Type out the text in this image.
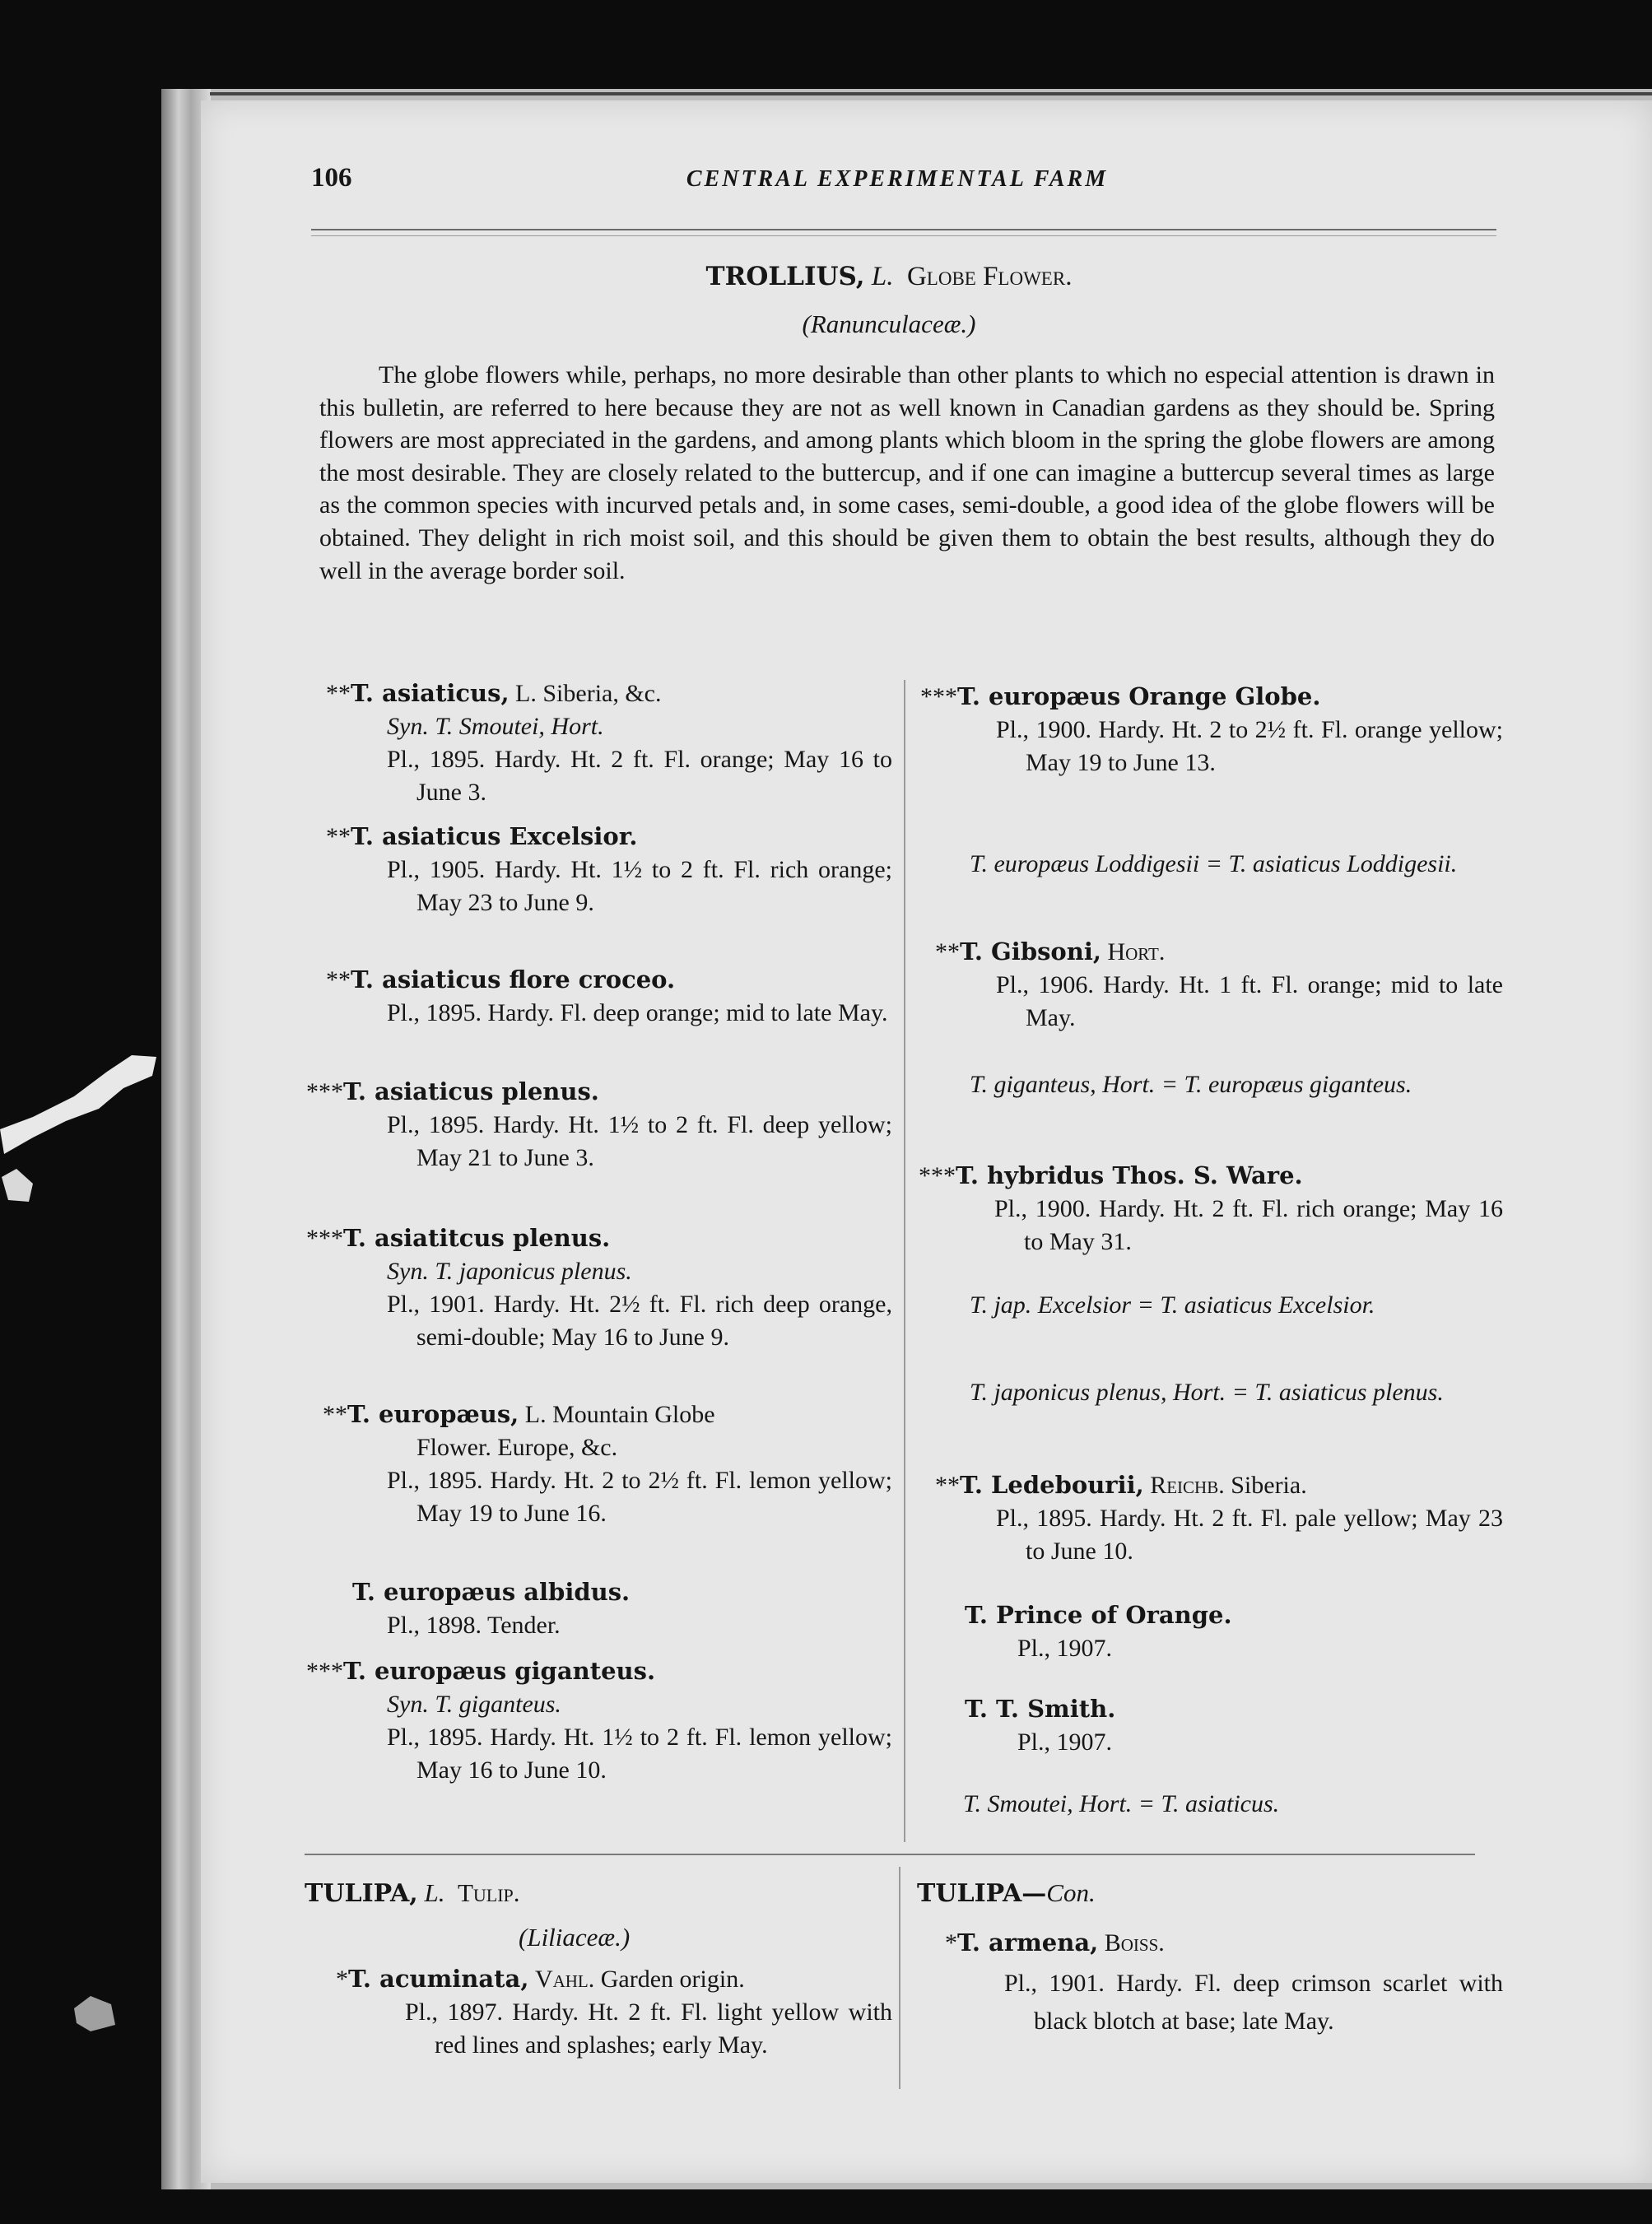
106	CENTRAL EXPERIMENTAL FARM
TROLLIUS, L. Globe Flower.
(Ranunculaceæ.)
The globe flowers while, perhaps, no more desirable than other plants to which no especial attention is drawn in this bulletin, are referred to here because they are not as well known in Canadian gardens as they should be. Spring flowers are most appreciated in the gardens, and among plants which bloom in the spring the globe flowers are among the most desirable. They are closely related to the buttercup, and if one can imagine a buttercup several times as large as the common species with incurved petals and, in some cases, semi-double, a good idea of the globe flowers will be obtained. They delight in rich moist soil, and this should be given them to obtain the best results, although they do well in the average border soil.
**T. asiaticus, L. Siberia, &c.
Syn. T. Smoutei, Hort.
Pl., 1895. Hardy. Ht. 2 ft. Fl. orange; May 16 to June 3.
**T. asiaticus Excelsior.
Pl., 1905. Hardy. Ht. 1½ to 2 ft. Fl. rich orange; May 23 to June 9.
**T. asiaticus flore croceo.
Pl., 1895. Hardy. Fl. deep orange; mid to late May.
***T. asiaticus plenus.
Pl., 1895. Hardy. Ht. 1½ to 2 ft. Fl. deep yellow; May 21 to June 3.
***T. asiatitcus plenus.
Syn. T. japonicus plenus.
Pl., 1901. Hardy. Ht. 2½ ft. Fl. rich deep orange, semi-double; May 16 to June 9.
**T. europæus, L. Mountain Globe
Flower. Europe, &c.
Pl., 1895. Hardy. Ht. 2 to 2½ ft. Fl. lemon yellow; May 19 to June 16.
T. europæus albidus.
Pl., 1898. Tender.
***T. europæus giganteus.
Syn. T. giganteus.
Pl., 1895. Hardy. Ht. 1½ to 2 ft. Fl. lemon yellow; May 16 to June 10.
***T. europæus Orange Globe.
Pl., 1900. Hardy. Ht. 2 to 2½ ft. Fl. orange yellow; May 19 to June 13.
T. europæus Loddigesii = T. asiaticus Loddigesii.
**T. Gibsoni, Hort.
Pl., 1906. Hardy. Ht. 1 ft. Fl. orange; mid to late May.
T. giganteus, Hort. = T. europæus giganteus.
***T. hybridus Thos. S. Ware.
Pl., 1900. Hardy. Ht. 2 ft. Fl. rich orange; May 16 to May 31.
T. jap. Excelsior = T. asiaticus Excelsior.
T. japonicus plenus, Hort. = T. asiaticus plenus.
**T. Ledebourii, Reichb. Siberia.
Pl., 1895. Hardy. Ht. 2 ft. Fl. pale yellow; May 23 to June 10.
T. Prince of Orange.
Pl., 1907.
T. T. Smith.
Pl., 1907.
T. Smoutei, Hort. = T. asiaticus.
TULIPA, L. Tulip.
(Liliaceæ.)
*T. acuminata, Vahl. Garden origin.
Pl., 1897. Hardy. Ht. 2 ft. Fl. light yellow with red lines and splashes; early May.
TULIPA—Con.
*T. armena, Boiss.
Pl., 1901. Hardy. Fl. deep crimson scarlet with black blotch at base; late May.
